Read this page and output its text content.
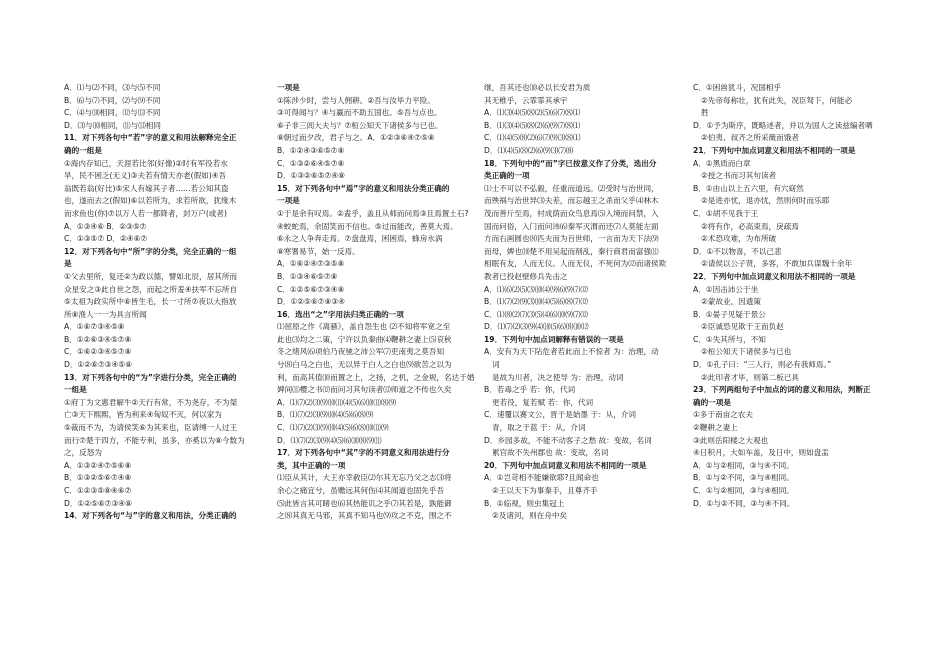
A．⑴与⑵不同，⑶与⑸不同
B．⑹与⑺不同，⑵与⑼不同
C．⑷与⑽相同，⑿与⒀不同
D．⑶与⑽相同，⑾与⒀相同
11．对下列各句中“若”字的意义和用法解释完全正
确的一组是
①海内存知己，天涯若比邻(好像)②时有军役若水
旱，民不困乏(无义)③夫若有情天亦老(假如)④吾
翁既若翁(好比)⑤宋人有嫁其子者……若公知其盗
也，遂而去之(假如)⑥以若所为，求若所欲，犹缘木
而求鱼也(你)⑦以万人若一都降者，封万户(或者)
A．①③④⑥ B．②③⑤⑦
C．①③⑤⑦ D．②④⑥⑦
12．对下列各句中“所”字的分类，完全正确的一组
是
①父去里所，复还②为政以德，譬如北辰，居其所而
众星安之③此自世之怨，而起之所羞④扶军不忘所自
⑤太祖为政实所中⑥皆生毛，长一寸所⑦夜以大指放
所⑧渔人一一为具言所闻
A．①⑥⑦③④⑤⑧
B．①②⑥③④⑤⑦⑧
C．①⑥②③④⑤⑦⑧
D．①②⑥⑦③④⑤⑧
13．对下列各句中的“为”字进行分类，完全正确的
一组是
①府丁为文惠君解牛②天行有常，不为尧存，不为桀
亡③天下熙熙，皆为利来④匈奴不灭，何以家为
⑤裁而不为，为请侯笑⑥为其来也，臣请缚一人过王
而行⑦楚于四方，不能专利，虽多，亦奚以为⑧今数为
之，反怒为
A．①③②④⑦⑤⑥⑧
B．①③②⑤⑥⑦④⑧
C．①②③⑤⑧④⑥⑦
D．①②⑤⑥⑦③④⑧
14．对下列各句“与”字的意义和用法，分类正确的
一项是
①陈涉少时，尝与人佣耕。②吾与汝毕力平险。
③可得闻与？④与赢而不助五国也。⑤吾与点也。
⑥子非三闾大夫与？⑦桓公知天下诸侯多与已也。
⑧朝过而夕改，君子与之。A．①②③⑥④⑦⑤⑧
B．①②④③⑥⑤⑦⑧
C．①③②⑥④⑤⑦⑧
D．①③②⑥⑤⑦④⑧
15．对下列各句中“焉”字的意义和用法分类正确的
一项是
①于是余有叹焉。②盍乎，盖且从师而问焉③且焉置土石?
④蛟蛇焉，余固笑而不信也。⑤过而能改，善莫大焉。
⑥永之人争奔走焉。⑦盘盘焉，困困焉，蜂房水涡
⑧寒署易节，始一反焉。
A．①⑥②④⑦③⑤⑧
B．①③④⑥⑤⑦⑧
C．①②⑤⑥⑦③④⑧
D．①②⑤⑥⑦⑧③④
16．选出“之”字用法归类正确的一项
⑴屈原之作《离骚》，盖自怨生也 ⑵不知将军宽之至
此也⑶均之二策，宁许以负秦曲⑷鞭耕之妻上⑸哀秋
冬之绪风⑹项伯乃夜驰之沛公军⑺吏南夷之莫吾知
兮⑻白马之白也，无以异于白人之白也⑼欲苦之以为
利，而高其值⑽而置之上，之扬，之机，之金规，名达于婚
婢间⑾樱之书⑿而问习其句读者⒀师道之不传也久矣
A．⑴⑺⑵⑶⑼⑽⑾⑷⑸⑹⑽⑾⑻⑼
B．⑴⑺⑵⑶⑼⑽⑷⑸⑹⑻⑼
C．⑴⑺⑵⑶⑼⑽⑷⑸⑹⑻⑽⑾⑼
D．⑴⑺⑵⑶⑼⑷⑸⑹⑽⑻⑼⑾
17．对下列各句中“其”字的不同意义和用法进行分
类，其中正确的一项
⑴臣从其计，大王亦幸赦臣⑵尔其无忘乃父之志⑶将
余心之痛宜兮，虽赡远其何伤⑷其闻道也固先乎吾
⑸此皆言其可睹也⑹其热能讥之乎⑺其若是，孰能御
之⑻其真无马邪，其真不知马也⑼攻之不克，围之不
继，吾其还也⑽必以长安君为质
其无稚乎，云霏霏其承宇
A．⑴⑶⑷⑸⑻⑵⑸⑹⑺⑻⑴
B．⑴⑶⑷⑸⑻⑵⑹⑼⑺⑻⑴
C．⑴⑷⑸⑻⑵⑹⑺⑼⑶⑻⑴
D．⑴⑷⑸⑻⑵⑹⑼⑶⑺⑻
18．下列句中的“而”字已按意义作了分类，选出分
类正确的一项
⑴士不可以不弘毅，任重而道远。⑵受时与治世同，
而殃祸与治世异⑶夫差，而忘越王之杀而父乎⑷林木
茂而善斤至焉，村成荫而众鸟息焉⑸入境而问禁，入
国而问俗，入门而问讳⑹秦军灭渭而还⑺人莫能左面
方而右画圆也⑻匹夫而为百世师，一言而为天下法⑼
而母，婢也⑽楚不用吴起而削乱，秦行商君而富强⑾
相眠有友，人而无仪。人而无仪，不死何为⑿而诸侯欺
教者已投赵壁修兵先击之
A．⑴⑹⑵⑸⑶⑽⑷⑼⑹⑼⑺⑿
B．⑴⑺⑵⑼⑶⑽⑷⑸⑹⑻⑺⑿
C．⑴⑻⑵⑺⑶⑸⑷⑹⑽⑼⑺⑿
D．⑴⑺⑵⑶⑼⑷⑽⑸⑹⑻⑽⑿
19．下列句中加点词解释有错误的一项是
A．安有为天下阽危者若此而上不惊者 为：治理，动
词
是故为川者，决之使导 为：治理，动词
B．若毒之乎 若：你，代词
更若役，复若赋 若：你，代词
C．速覆以赛文公，晋于是始墨 于：从，介词
青，取之于蓝 于：从，介词
D．乡园多故，不能不动客子之愁 故：变故，名词
累官故不失州郡也 故：变故，名词
20．下列句中加点词意义和用法不相同的一项是
A．①岂苛相不能嫌欲耶?且闻命也
②王以天下为事秦手，且尊齐手
B．①临视，则虫集冠上
②及诸河，则在舟中矣
C．①困兽犹斗，况国相乎
②先帝每称壮，犹有此失，况臣驽下，何能必
胜
D．①予为斯序，既略述者，并以为国人之读兹编者哂
②伯夷、叔齐之所采薇而饿者
21．下列句中加点词意义和用法不相同的一项是
A．①黑质而白章
②授之书而习其句读者
B．①由山以上五六里，有穴窈然
②是进亦忧，退亦忧，然则何时而乐耶
C．①胡不见我于王
②将有作，必高束焉，戾疏焉
②术恐攻难，为布所破
D．①不以物喜，不以己悲
②请侯以公子贤，多客，不敢加兵谋魏十余年
22．下列句中加点词意义和用法不相同的一项是
A．①因击沛公于坐
②蒙故业，因遗策
B．①晏子见疑于景公
②臣诚恐见欺于王而负赵
C．①失其所与，不知
②桓公知天下诸侯多与已也
D．①孔子曰：“三人行，则必有我师焉。”
②此印者才毕，则第二板已具
23．下列两组句子中加点的词的意义和用法，判断正
确的一项是
①多于南亩之农夫
②鞭耕之妻上
③此则岳阳楼之大观也
④日积月，大如车盖，及日中，则如盘盂
A．①与②相同，③与④不同。
B．①与②不同，③与④相同。
C．①与②相同，③与④相同。
D．①与②不同，③与④不同。
